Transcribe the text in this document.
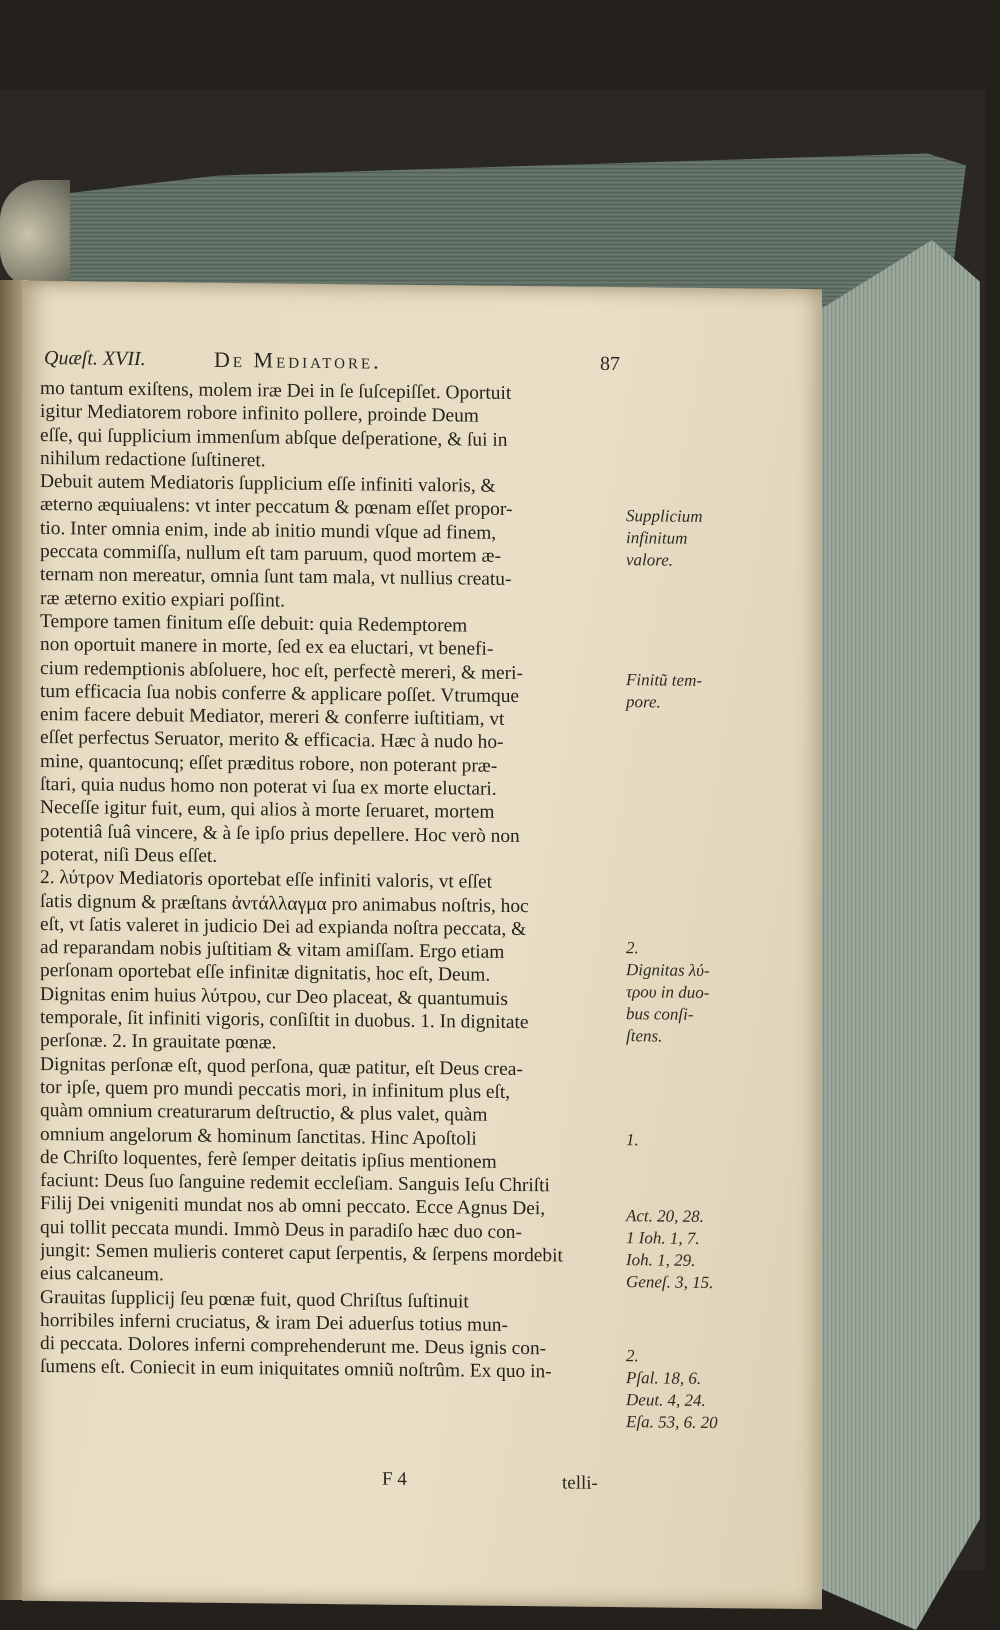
Quæſt. XVII.	De Mediatore.	87
mo tantum exiſtens, molem iræ Dei in ſe ſuſcepiſſet. Oportuit
igitur Mediatorem robore infinito pollere, proinde Deum
eſſe, qui ſupplicium immenſum abſque deſperatione, & ſui in
nihilum redactione ſuſtineret.
Debuit autem Mediatoris ſupplicium eſſe infiniti valoris, &
æterno æquiualens: vt inter peccatum & pœnam eſſet propor-
tio. Inter omnia enim, inde ab initio mundi vſque ad finem,
peccata commiſſa, nullum eſt tam paruum, quod mortem æ-
ternam non mereatur, omnia ſunt tam mala, vt nullius creatu-
ræ æterno exitio expiari poſſint.
Tempore tamen finitum eſſe debuit: quia Redemptorem
non oportuit manere in morte, ſed ex ea eluctari, vt benefi-
cium redemptionis abſoluere, hoc eſt, perfectè mereri, & meri-
tum efficacia ſua nobis conferre & applicare poſſet. Vtrumque
enim facere debuit Mediator, mereri & conferre iuſtitiam, vt
eſſet perfectus Seruator, merito & efficacia. Hæc à nudo ho-
mine, quantocunq; eſſet præditus robore, non poterant præ-
ſtari, quia nudus homo non poterat vi ſua ex morte eluctari.
Neceſſe igitur fuit, eum, qui alios à morte ſeruaret, mortem
potentiâ ſuâ vincere, & à ſe ipſo prius depellere. Hoc verò non
poterat, niſi Deus eſſet.
2. λύτρον Mediatoris oportebat eſſe infiniti valoris, vt eſſet
ſatis dignum & præſtans ἀντάλλαγμα pro animabus noſtris, hoc
eſt, vt ſatis valeret in judicio Dei ad expianda noſtra peccata, &
ad reparandam nobis juſtitiam & vitam amiſſam. Ergo etiam
perſonam oportebat eſſe infinitæ dignitatis, hoc eſt, Deum.
Dignitas enim huius λύτρου, cur Deo placeat, & quantumuis
temporale, ſit infiniti vigoris, conſiſtit in duobus. 1. In dignitate
perſonæ. 2. In grauitate pœnæ.
Dignitas perſonæ eſt, quod perſona, quæ patitur, eſt Deus crea-
tor ipſe, quem pro mundi peccatis mori, in infinitum plus eſt,
quàm omnium creaturarum deſtructio, & plus valet, quàm
omnium angelorum & hominum ſanctitas. Hinc Apoſtoli
de Chriſto loquentes, ferè ſemper deitatis ipſius mentionem
faciunt: Deus ſuo ſanguine redemit eccleſiam. Sanguis Ieſu Chriſti
Filij Dei vnigeniti mundat nos ab omni peccato. Ecce Agnus Dei,
qui tollit peccata mundi. Immò Deus in paradiſo hæc duo con-
jungit: Semen mulieris conteret caput ſerpentis, & ſerpens mordebit
eius calcaneum.
Grauitas ſupplicij ſeu pœnæ fuit, quod Chriſtus ſuſtinuit
horribiles inferni cruciatus, & iram Dei aduerſus totius mun-
di peccata. Dolores inferni comprehenderunt me. Deus ignis con-
ſumens eſt. Coniecit in eum iniquitates omniũ noſtrûm. Ex quo in-
Supplicium
infinitum
valore.
Finitũ tem-
pore.
2.
Dignitas λύ-
τρου in duo-
bus conſi-
ſtens.
1.
Act. 20, 28.
1 Ioh. 1, 7.
Ioh. 1, 29.
Geneſ. 3, 15.
2.
Pſal. 18, 6.
Deut. 4, 24.
Eſa. 53, 6. 20
F 4	telli-
